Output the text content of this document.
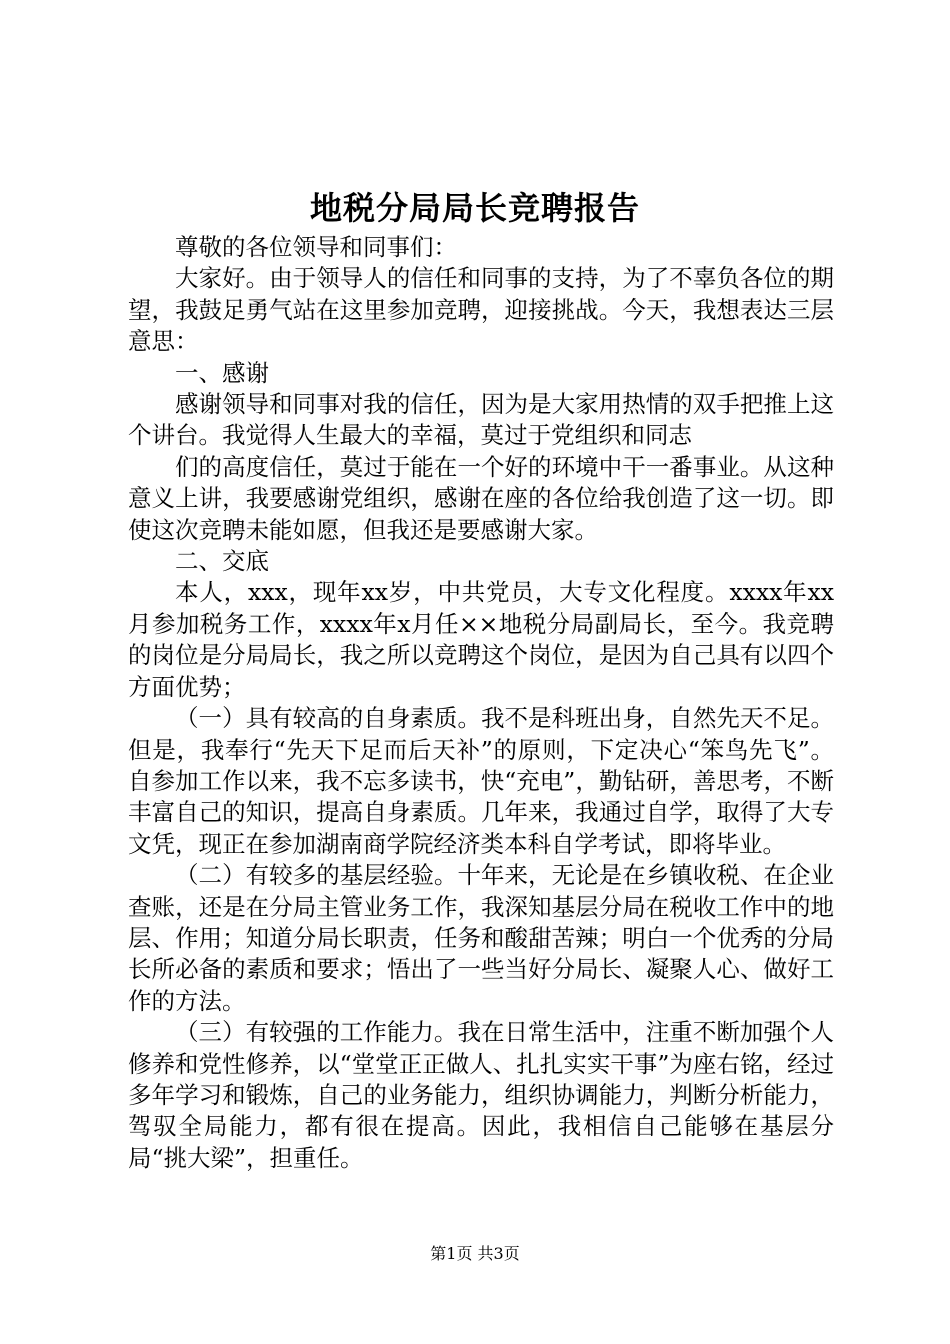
地税分局局长竞聘报告

尊敬的各位领导和同事们：

大家好。由于领导人的信任和同事的支持，为了不辜负各位的期望，我鼓足勇气站在这里参加竞聘，迎接挑战。今天，我想表达三层意思：

一、感谢

感谢领导和同事对我的信任，因为是大家用热情的双手把推上这个讲台。我觉得人生最大的幸福，莫过于党组织和同志

们的高度信任，莫过于能在一个好的环境中干一番事业。从这种意义上讲，我要感谢党组织，感谢在座的各位给我创造了这一切。即使这次竞聘未能如愿，但我还是要感谢大家。

二、交底

本人，xxx，现年xx岁，中共党员，大专文化程度。xxxx年xx月参加税务工作，xxxx年x月任××地税分局副局长，至今。我竞聘的岗位是分局局长，我之所以竞聘这个岗位，是因为自己具有以四个方面优势；

（一）具有较高的自身素质。我不是科班出身，自然先天不足。但是，我奉行“先天下足而后天补”的原则，下定决心“笨鸟先飞”。自参加工作以来，我不忘多读书，快“充电”，勤钻研，善思考，不断丰富自己的知识，提高自身素质。几年来，我通过自学，取得了大专文凭，现正在参加湖南商学院经济类本科自学考试，即将毕业。

（二）有较多的基层经验。十年来，无论是在乡镇收税、在企业查账，还是在分局主管业务工作，我深知基层分局在税收工作中的地层、作用；知道分局长职责，任务和酸甜苦辣；明白一个优秀的分局长所必备的素质和要求；悟出了一些当好分局长、凝聚人心、做好工作的方法。

（三）有较强的工作能力。我在日常生活中，注重不断加强个人修养和党性修养，以“堂堂正正做人、扎扎实实干事”为座右铭，经过多年学习和锻炼，自己的业务能力，组织协调能力，判断分析能力，驾驭全局能力，都有很在提高。因此，我相信自己能够在基层分局“挑大梁”，担重任。

第1页 共3页
